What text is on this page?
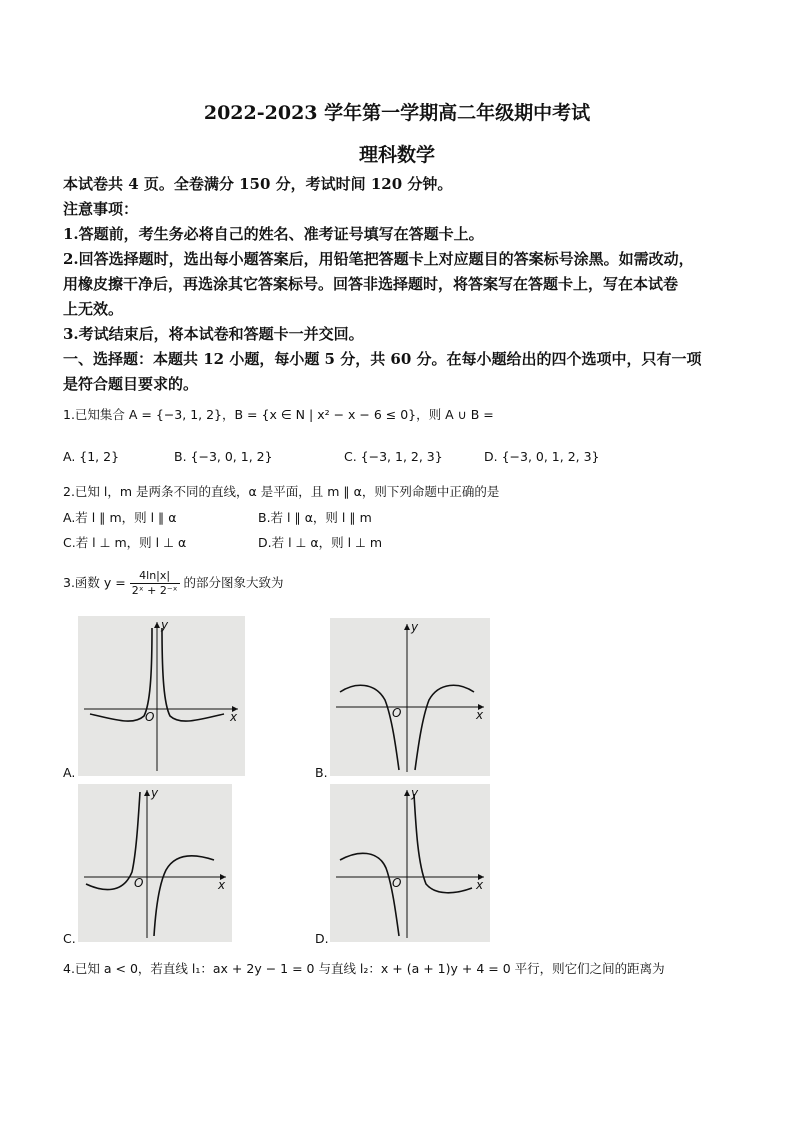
2022-2023 学年第一学期高二年级期中考试
理科数学
本试卷共 4 页。全卷满分 150 分，考试时间 120 分钟。
注意事项：
1.答题前，考生务必将自己的姓名、准考证号填写在答题卡上。
2.回答选择题时，选出每小题答案后，用铅笔把答题卡上对应题目的答案标号涂黑。如需改动，
用橡皮擦干净后，再选涂其它答案标号。回答非选择题时，将答案写在答题卡上，写在本试卷
上无效。
3.考试结束后，将本试卷和答题卡一并交回。
一、选择题：本题共 12 小题，每小题 5 分，共 60 分。在每小题给出的四个选项中，只有一项
是符合题目要求的。
1.已知集合 A = {−3, 1, 2}，B = {x ∈ N | x² − x − 6 ≤ 0}，则 A ∪ B =
A. {1, 2}	B. {−3, 0, 1, 2}	C. {−3, 1, 2, 3}	D. {−3, 0, 1, 2, 3}
2.已知 l，m 是两条不同的直线，α 是平面，且 m ∥ α，则下列命题中正确的是
A.若 l ∥ m，则 l ∥ α	B.若 l ∥ α，则 l ∥ m
C.若 l ⊥ m，则 l ⊥ α	D.若 l ⊥ α，则 l ⊥ m
3.函数 $y = \frac{4\ln|x|}{\text{2ˣ + 2⁻ˣ}}$ 的部分图象大致为
y
x
O
A.
y
x
O
B.
y
x
O
C.
y
x
O
D.
4.已知 a < 0，若直线 l₁：ax + 2y − 1 = 0 与直线 l₂：x + (a + 1)y + 4 = 0 平行，则它们之间的距离为
